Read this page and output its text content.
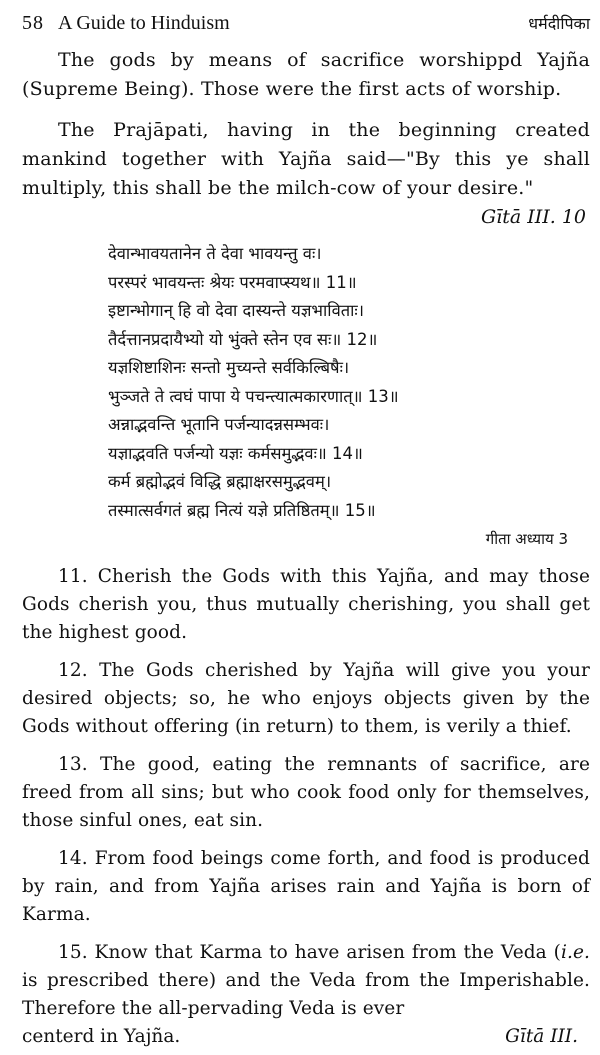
58 A Guide to Hinduism	धर्मदीपिका

The gods by means of sacrifice worshippd Yajña (Supreme Being). Those were the first acts of worship.

The Prajāpati, having in the beginning created mankind together with Yajña said—"By this ye shall multiply, this shall be the milch-cow of your desire."

Gītā III. 10

देवान्भावयतानेन ते देवा भावयन्तु वः।
परस्परं भावयन्तः श्रेयः परमवाप्स्यथ॥ 11॥
इष्टान्भोगान् हि वो देवा दास्यन्ते यज्ञभाविताः।
तैर्दत्तानप्रदायैभ्यो यो भुंक्ते स्तेन एव सः॥ 12॥
यज्ञशिष्टाशिनः सन्तो मुच्यन्ते सर्वकिल्बिषैः।
भुञ्जते ते त्वघं पापा ये पचन्त्यात्मकारणात्॥ 13॥
अन्नाद्भवन्ति भूतानि पर्जन्यादन्नसम्भवः।
यज्ञाद्भवति पर्जन्यो यज्ञः कर्मसमुद्भवः॥ 14॥
कर्म ब्रह्मोद्भवं विद्धि ब्रह्माक्षरसमुद्भवम्।
तस्मात्सर्वगतं ब्रह्म नित्यं यज्ञे प्रतिष्ठितम्॥ 15॥

गीता अध्याय 3

11. Cherish the Gods with this Yajña, and may those Gods cherish you, thus mutually cherishing, you shall get the highest good.

12. The Gods cherished by Yajña will give you your desired objects; so, he who enjoys objects given by the Gods without offering (in return) to them, is verily a thief.

13. The good, eating the remnants of sacrifice, are freed from all sins; but who cook food only for themselves, those sinful ones, eat sin.

14. From food beings come forth, and food is produced by rain, and from Yajña arises rain and Yajña is born of Karma.

15. Know that Karma to have arisen from the Veda (i.e. is prescribed there) and the Veda from the Imperishable. Therefore the all-pervading Veda is ever

centerd in Yajña.	Gītā III.
